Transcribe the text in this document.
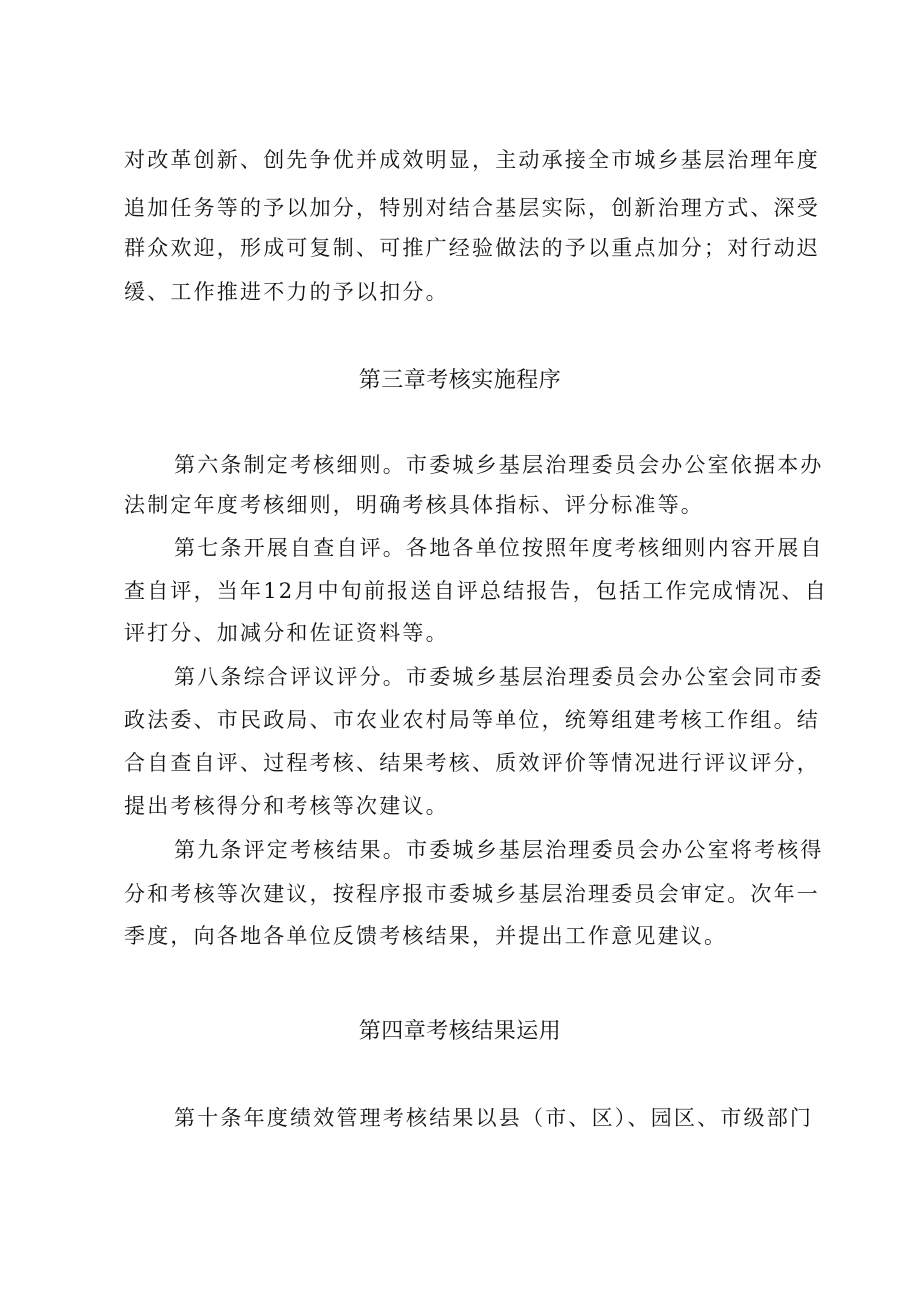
对改革创新、创先争优并成效明显，主动承接全市城乡基层治理年度
追加任务等的予以加分，特别对结合基层实际，创新治理方式、深受
群众欢迎，形成可复制、可推广经验做法的予以重点加分；对行动迟
缓、工作推进不力的予以扣分。
第三章考核实施程序
第六条制定考核细则。市委城乡基层治理委员会办公室依据本办
法制定年度考核细则，明确考核具体指标、评分标准等。
第七条开展自查自评。各地各单位按照年度考核细则内容开展自
查自评，当年12月中旬前报送自评总结报告，包括工作完成情况、自
评打分、加减分和佐证资料等。
第八条综合评议评分。市委城乡基层治理委员会办公室会同市委
政法委、市民政局、市农业农村局等单位，统筹组建考核工作组。结
合自查自评、过程考核、结果考核、质效评价等情况进行评议评分，
提出考核得分和考核等次建议。
第九条评定考核结果。市委城乡基层治理委员会办公室将考核得
分和考核等次建议，按程序报市委城乡基层治理委员会审定。次年一
季度，向各地各单位反馈考核结果，并提出工作意见建议。
第四章考核结果运用
第十条年度绩效管理考核结果以县（市、区）、园区、市级部门
